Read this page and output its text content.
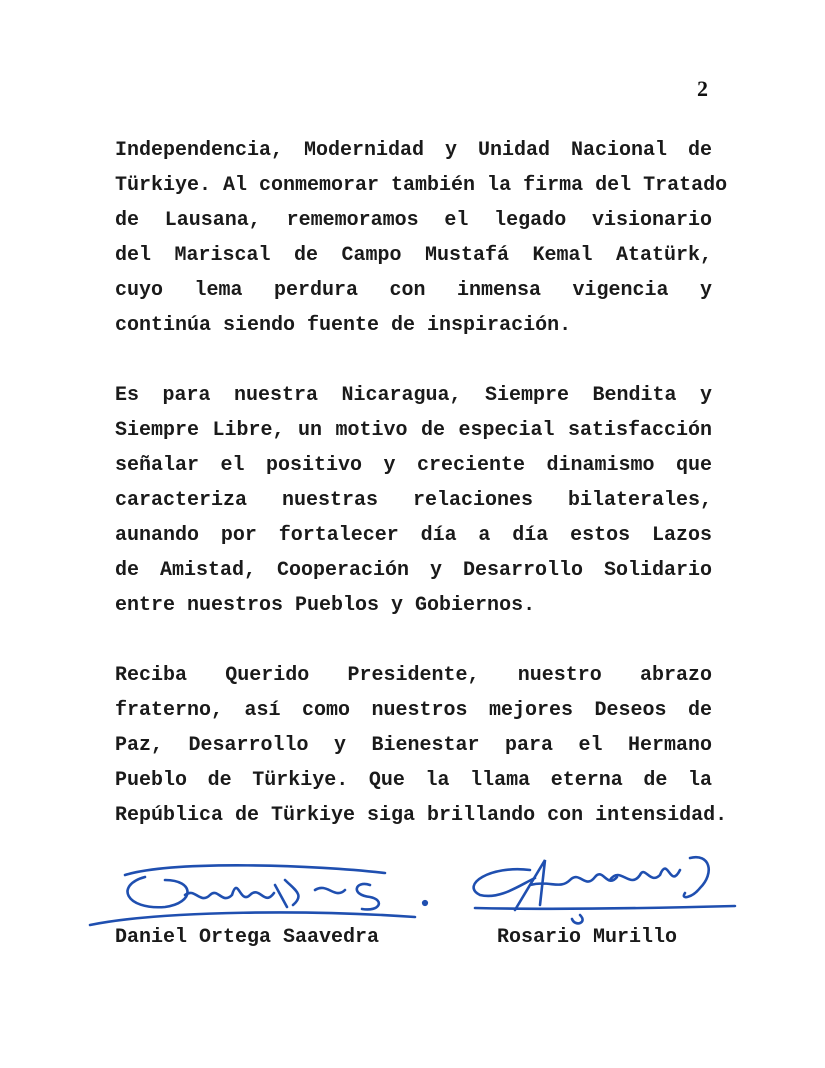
2
Independencia, Modernidad y Unidad Nacional de
Türkiye. Al conmemorar también la firma del Tratado
de Lausana, rememoramos el legado visionario
del Mariscal de Campo Mustafá Kemal Atatürk,
cuyo lema perdura con inmensa vigencia y
continúa siendo fuente de inspiración.
Es para nuestra Nicaragua, Siempre Bendita y
Siempre Libre, un motivo de especial satisfacción
señalar el positivo y creciente dinamismo que
caracteriza nuestras relaciones bilaterales,
aunando por fortalecer día a día estos Lazos
de Amistad, Cooperación y Desarrollo Solidario
entre nuestros Pueblos y Gobiernos.
Reciba Querido Presidente, nuestro abrazo
fraterno, así como nuestros mejores Deseos de
Paz, Desarrollo y Bienestar para el Hermano
Pueblo de Türkiye. Que la llama eterna de la
República de Türkiye siga brillando con intensidad.
Daniel Ortega Saavedra	Rosario Murillo
